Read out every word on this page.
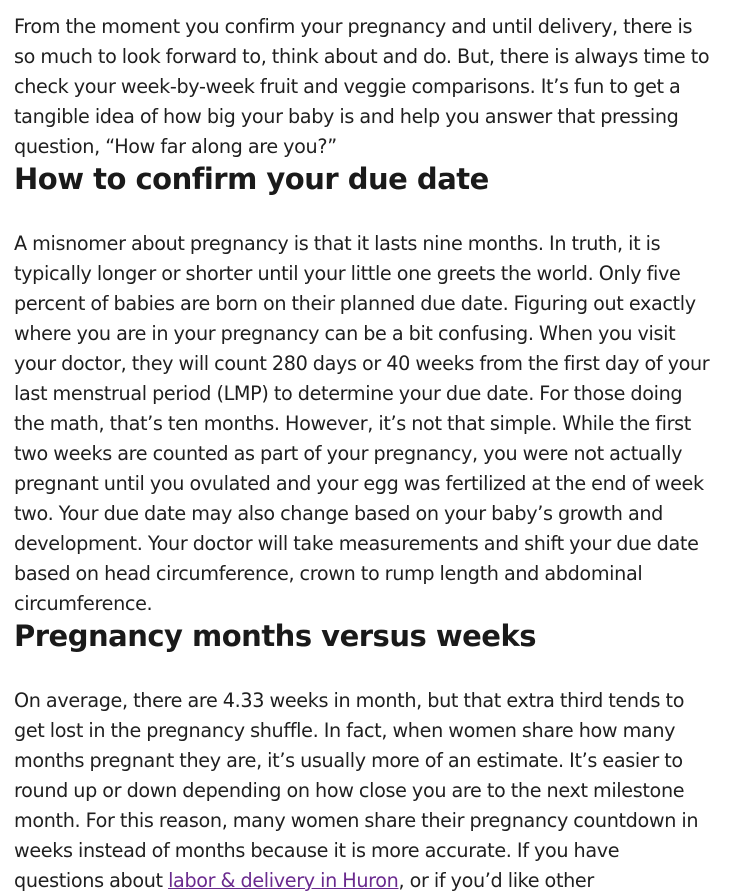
From the moment you confirm your pregnancy and until delivery, there is so much to look forward to, think about and do. But, there is always time to check your week-by-week fruit and veggie comparisons. It’s fun to get a tangible idea of how big your baby is and help you answer that pressing question, “How far along are you?”

How to confirm your due date

A misnomer about pregnancy is that it lasts nine months. In truth, it is typically longer or shorter until your little one greets the world. Only five percent of babies are born on their planned due date. Figuring out exactly where you are in your pregnancy can be a bit confusing. When you visit your doctor, they will count 280 days or 40 weeks from the first day of your last menstrual period (LMP) to determine your due date. For those doing the math, that’s ten months. However, it’s not that simple. While the first two weeks are counted as part of your pregnancy, you were not actually pregnant until you ovulated and your egg was fertilized at the end of week two. Your due date may also change based on your baby’s growth and development. Your doctor will take measurements and shift your due date based on head circumference, crown to rump length and abdominal circumference.

Pregnancy months versus weeks

On average, there are 4.33 weeks in month, but that extra third tends to get lost in the pregnancy shuffle. In fact, when women share how many months pregnant they are, it’s usually more of an estimate. It’s easier to round up or down depending on how close you are to the next milestone month. For this reason, many women share their pregnancy countdown in weeks instead of months because it is more accurate. If you have questions about labor & delivery in Huron, or if you’d like other
